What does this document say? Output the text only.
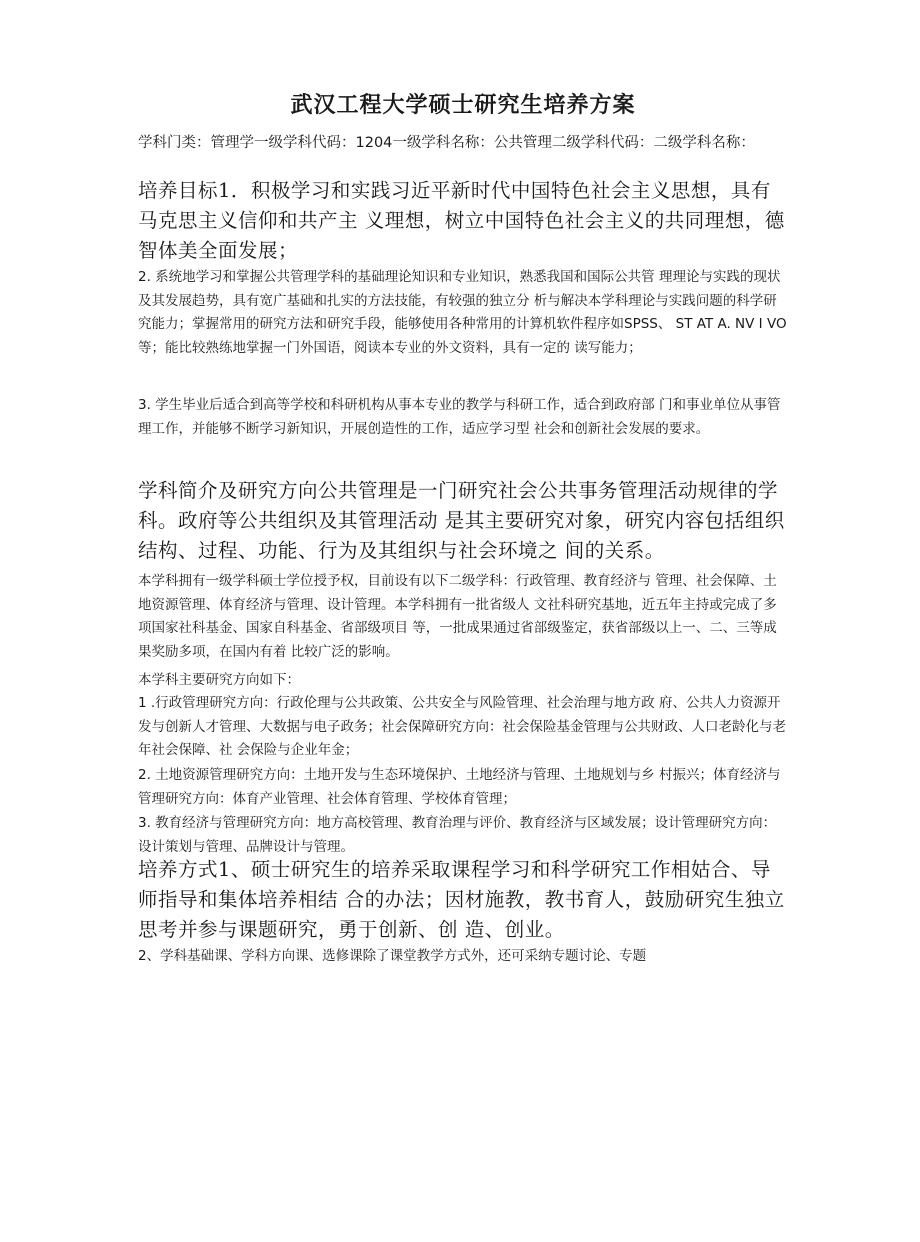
武汉工程大学硕士研究生培养方案

学科门类：管理学一级学科代码：1204一级学科名称：公共管理二级学科代码：二级学科名称：

培养目标1．积极学习和实践习近平新时代中国特色社会主义思想，具有马克思主义信仰和共产主 义理想，树立中国特色社会主义的共同理想，德智体美全面发展；

2. 系统地学习和掌握公共管理学科的基础理论知识和专业知识，熟悉我国和国际公共管 理理论与实践的现状及其发展趋势，具有宽广基础和扎实的方法技能，有较强的独立分 析与解决本学科理论与实践问题的科学研究能力；掌握常用的研究方法和研究手段，能够使用各种常用的计算机软件程序如SPSS、 ST AT A. NV I VO等；能比较熟练地掌握一门外国语，阅读本专业的外文资料，具有一定的 读写能力；

3. 学生毕业后适合到高等学校和科研机构从事本专业的教学与科研工作，适合到政府部 门和事业单位从事管理工作，并能够不断学习新知识，开展创造性的工作，适应学习型 社会和创新社会发展的要求。

学科简介及研究方向公共管理是一门研究社会公共事务管理活动规律的学科。政府等公共组织及其管理活动 是其主要研究对象，研究内容包括组织结构、过程、功能、行为及其组织与社会环境之 间的关系。

本学科拥有一级学科硕士学位授予权，目前设有以下二级学科：行政管理、教育经济与 管理、社会保障、土地资源管理、体育经济与管理、设计管理。本学科拥有一批省级人 文社科研究基地，近五年主持或完成了多项国家社科基金、国家自科基金、省部级项目 等，一批成果通过省部级鉴定，获省部级以上一、二、三等成果奖励多项，在国内有着 比较广泛的影响。

本学科主要研究方向如下：

1 .行政管理研究方向：行政伦理与公共政策、公共安全与风险管理、社会治理与地方政 府、公共人力资源开发与创新人才管理、大数据与电子政务；社会保障研究方向：社会保险基金管理与公共财政、人口老龄化与老年社会保障、社 会保险与企业年金；

2. 土地资源管理研究方向：土地开发与生态环境保护、土地经济与管理、土地规划与乡 村振兴；体育经济与管理研究方向：体育产业管理、社会体育管理、学校体育管理；

3. 教育经济与管理研究方向：地方高校管理、教育治理与评价、教育经济与区域发展；设计管理研究方向：设计策划与管理、品牌设计与管理。

培养方式1、硕士研究生的培养采取课程学习和科学研究工作相姑合、导师指导和集体培养相结 合的办法；因材施教，教书育人，鼓励研究生独立思考并参与课题研究，勇于创新、创 造、创业。

2、学科基础课、学科方向课、选修课除了课堂教学方式外，还可采纳专题讨论、专题
